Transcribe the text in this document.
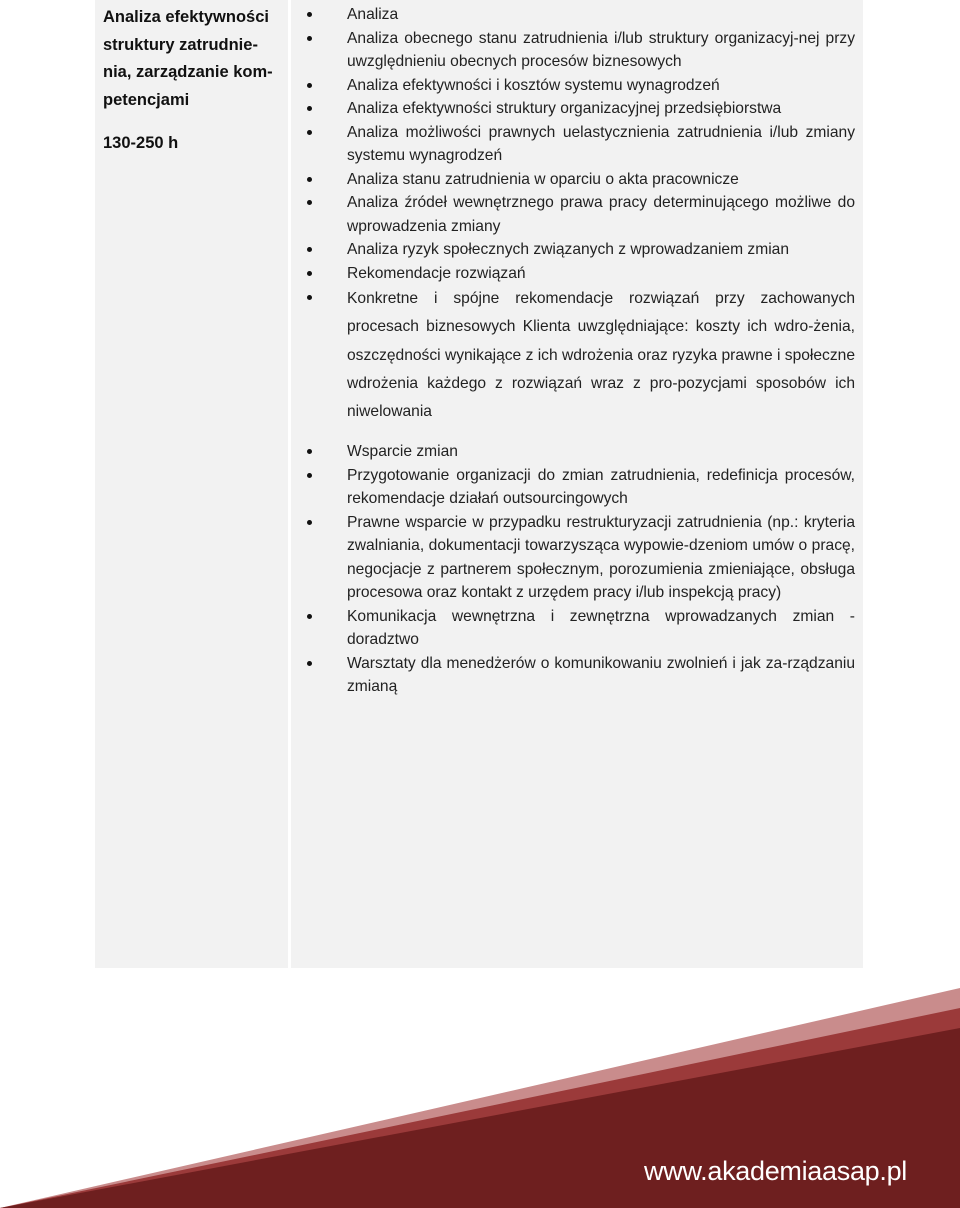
Analiza efektywności struktury zatrudnie-nia, zarządzanie kom-petencjami

130-250 h
Analiza
Analiza obecnego stanu zatrudnienia i/lub struktury organizacyj-nej przy uwzględnieniu obecnych procesów biznesowych
Analiza efektywności i kosztów systemu wynagrodzeń
Analiza efektywności struktury organizacyjnej przedsiębiorstwa
Analiza możliwości prawnych uelastycznienia zatrudnienia i/lub zmiany systemu wynagrodzeń
Analiza stanu zatrudnienia w oparciu o akta pracownicze
Analiza źródeł wewnętrznego prawa pracy determinującego możliwe do wprowadzenia zmiany
Analiza ryzyk społecznych związanych z wprowadzaniem zmian
Rekomendacje rozwiązań
Konkretne i spójne rekomendacje rozwiązań przy zachowanych procesach biznesowych Klienta uwzględniające: koszty ich wdro-żenia, oszczędności wynikające z ich wdrożenia oraz ryzyka prawne i społeczne wdrożenia każdego z rozwiązań wraz z pro-pozycjami sposobów ich niwelowania
Wsparcie zmian
Przygotowanie organizacji do zmian zatrudnienia, redefinicja procesów, rekomendacje działań outsourcingowych
Prawne wsparcie w przypadku restrukturyzacji zatrudnienia (np.: kryteria zwalniania, dokumentacji towarzysząca wypowie-dzeniom umów o pracę, negocjacje z partnerem społecznym, porozumienia zmieniające, obsługa procesowa oraz kontakt z urzędem pracy i/lub inspekcją pracy)
Komunikacja wewnętrzna i zewnętrzna wprowadzanych zmian - doradztwo
Warsztaty dla menedżerów o komunikowaniu zwolnień i jak za-rządzaniu zmianą
www.akademiaasap.pl
